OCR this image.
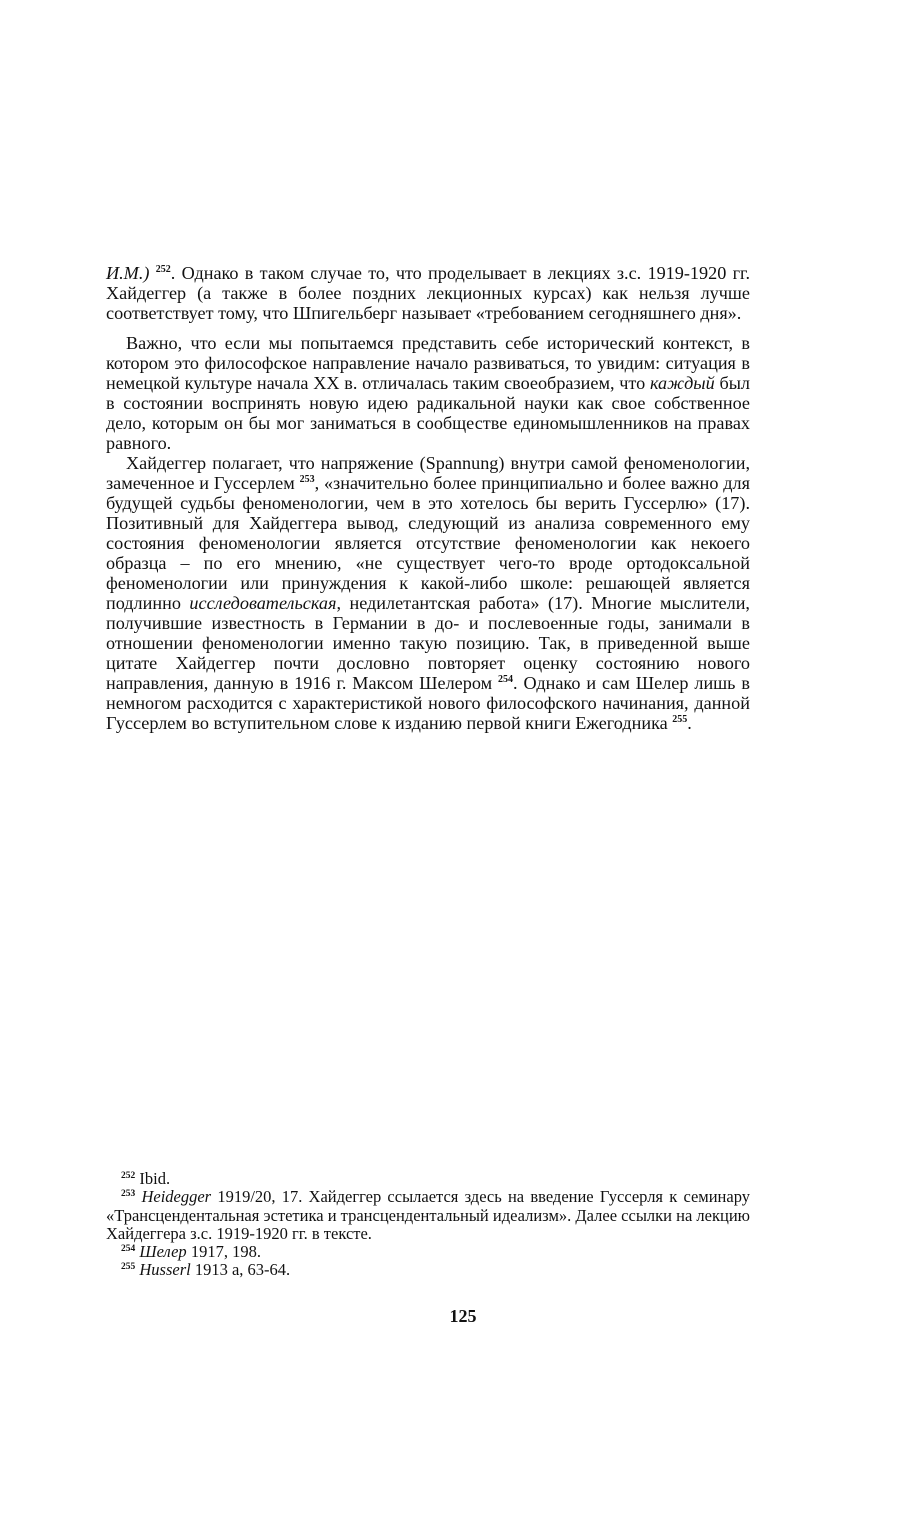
И.М.) $^{252}$. Однако в таком случае то, что проделывает в лекциях з.с. 1919-1920 гг. Хайдеггер (а также в более поздних лекционных курсах) как нельзя лучше соответствует тому, что Шпигельберг называет «требованием сегодняшнего дня».

Важно, что если мы попытаемся представить себе исторический контекст, в котором это философское направление начало развиваться, то увидим: ситуация в немецкой культуре начала XX в. отличалась таким своеобразием, что каждый был в состоянии воспринять новую идею радикальной науки как свое собственное дело, которым он бы мог заниматься в сообществе единомышленников на правах равного.

Хайдеггер полагает, что напряжение (Spannung) внутри самой феноменологии, замеченное и Гуссерлем $^{253}$, «значительно более принципиально и более важно для будущей судьбы феноменологии, чем в это хотелось бы верить Гуссерлю» (17). Позитивный для Хайдеггера вывод, следующий из анализа современного ему состояния феноменологии является отсутствие феноменологии как некоего образца – по его мнению, «не существует чего-то вроде ортодоксальной феноменологии или принуждения к какой-либо школе: решающей является подлинно исследовательская, недилетантская работа» (17). Многие мыслители, получившие известность в Германии в до- и послевоенные годы, занимали в отношении феноменологии именно такую позицию. Так, в приведенной выше цитате Хайдеггер почти дословно повторяет оценку состоянию нового направления, данную в 1916 г. Максом Шелером $^{254}$. Однако и сам Шелер лишь в немногом расходится с характеристикой нового философского начинания, данной Гуссерлем во вступительном слове к изданию первой книги Ежегодника $^{255}$.

$^{252}$ Ibid.

$^{253}$ Heidegger 1919/20, 17. Хайдеггер ссылается здесь на введение Гуссерля к семинару «Трансцендентальная эстетика и трансцендентальный идеализм». Далее ссылки на лекцию Хайдеггера з.с. 1919-1920 гг. в тексте.

$^{254}$ Шелер 1917, 198.

$^{255}$ Husserl 1913 a, 63-64.

125
